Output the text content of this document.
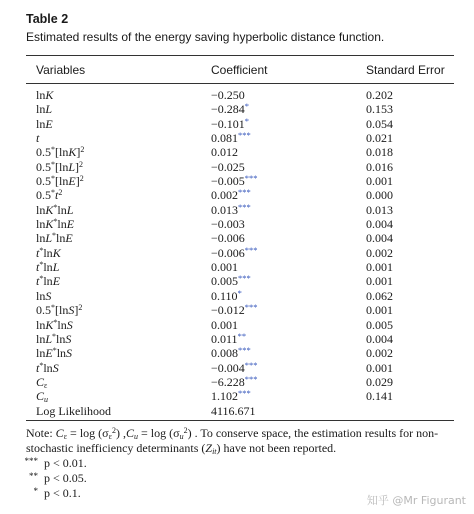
Table 2
Estimated results of the energy saving hyperbolic distance function.
Variables	Coefficient	Standard Error
lnK	−0.250	0.202
lnL	−0.284*	0.153
lnE	−0.101*	0.054
t	0.081***	0.021
$0.5^*[\ln K]^2$	0.012	0.018
$0.5^*[\ln L]^2$	−0.025	0.016
$0.5^*[\ln E]^2$	−0.005***	0.001
$0.5^*t^2$	0.002***	0.000
lnK*lnL	0.013***	0.013
lnK*lnE	−0.003	0.004
lnL*lnE	−0.006	0.004
t*lnK	−0.006***	0.002
t*lnL	0.001	0.001
t*lnE	0.005***	0.001
lnS	0.110*	0.062
$0.5^*[\ln S]^2$	−0.012***	0.001
lnK*lnS	0.001	0.005
lnL*lnS	0.011**	0.004
lnE*lnS	0.008***	0.002
t*lnS	−0.004***	0.001
$C_\varepsilon$	−6.228***	0.029
$C_u$	1.102***	0.141
Log Likelihood	4116.671
Note: $C_\varepsilon = \log (\sigma_\varepsilon^2) ,C_u = \log (\sigma_u^2)$ . To conserve space, the estimation results for non-stochastic inefficiency determinants $(Z_{it})$ have not been reported.
*** p < 0.01.
** p < 0.05.
* p < 0.1.
知乎 @Mr Figurant
